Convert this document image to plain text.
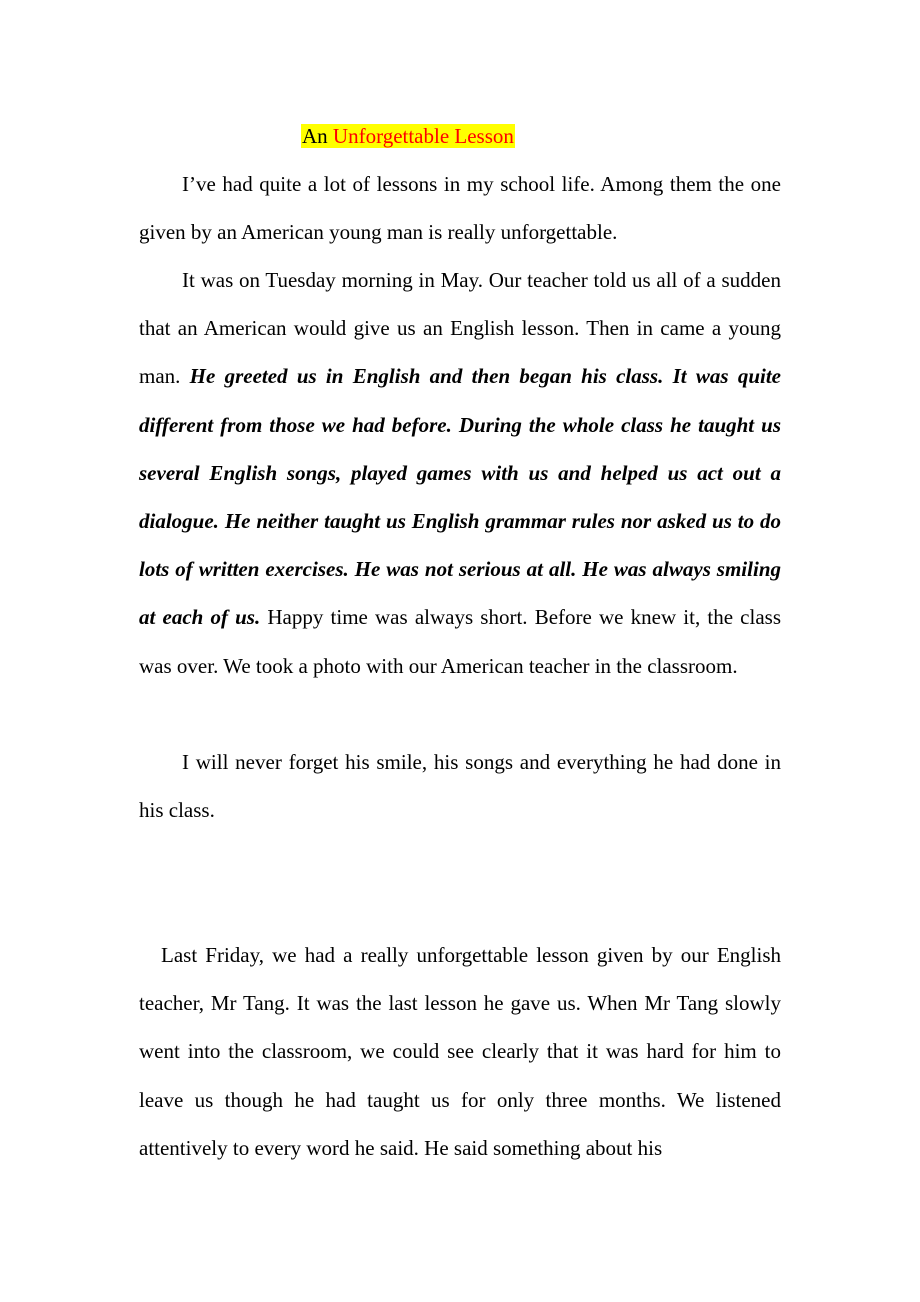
An Unforgettable Lesson

I’ve had quite a lot of lessons in my school life. Among them the one given by an American young man is really unforgettable.

It was on Tuesday morning in May. Our teacher told us all of a sudden that an American would give us an English lesson. Then in came a young man. He greeted us in English and then began his class. It was quite different from those we had before. During the whole class he taught us several English songs, played games with us and helped us act out a dialogue. He neither taught us English grammar rules nor asked us to do lots of written exercises. He was not serious at all. He was always smiling at each of us. Happy time was always short. Before we knew it, the class was over. We took a photo with our American teacher in the classroom.

I will never forget his smile, his songs and everything he had done in his class.

Last Friday, we had a really unforgettable lesson given by our English teacher, Mr Tang. It was the last lesson he gave us. When Mr Tang slowly went into the classroom, we could see clearly that it was hard for him to leave us though he had taught us for only three months. We listened attentively to every word he said. He said something about his
